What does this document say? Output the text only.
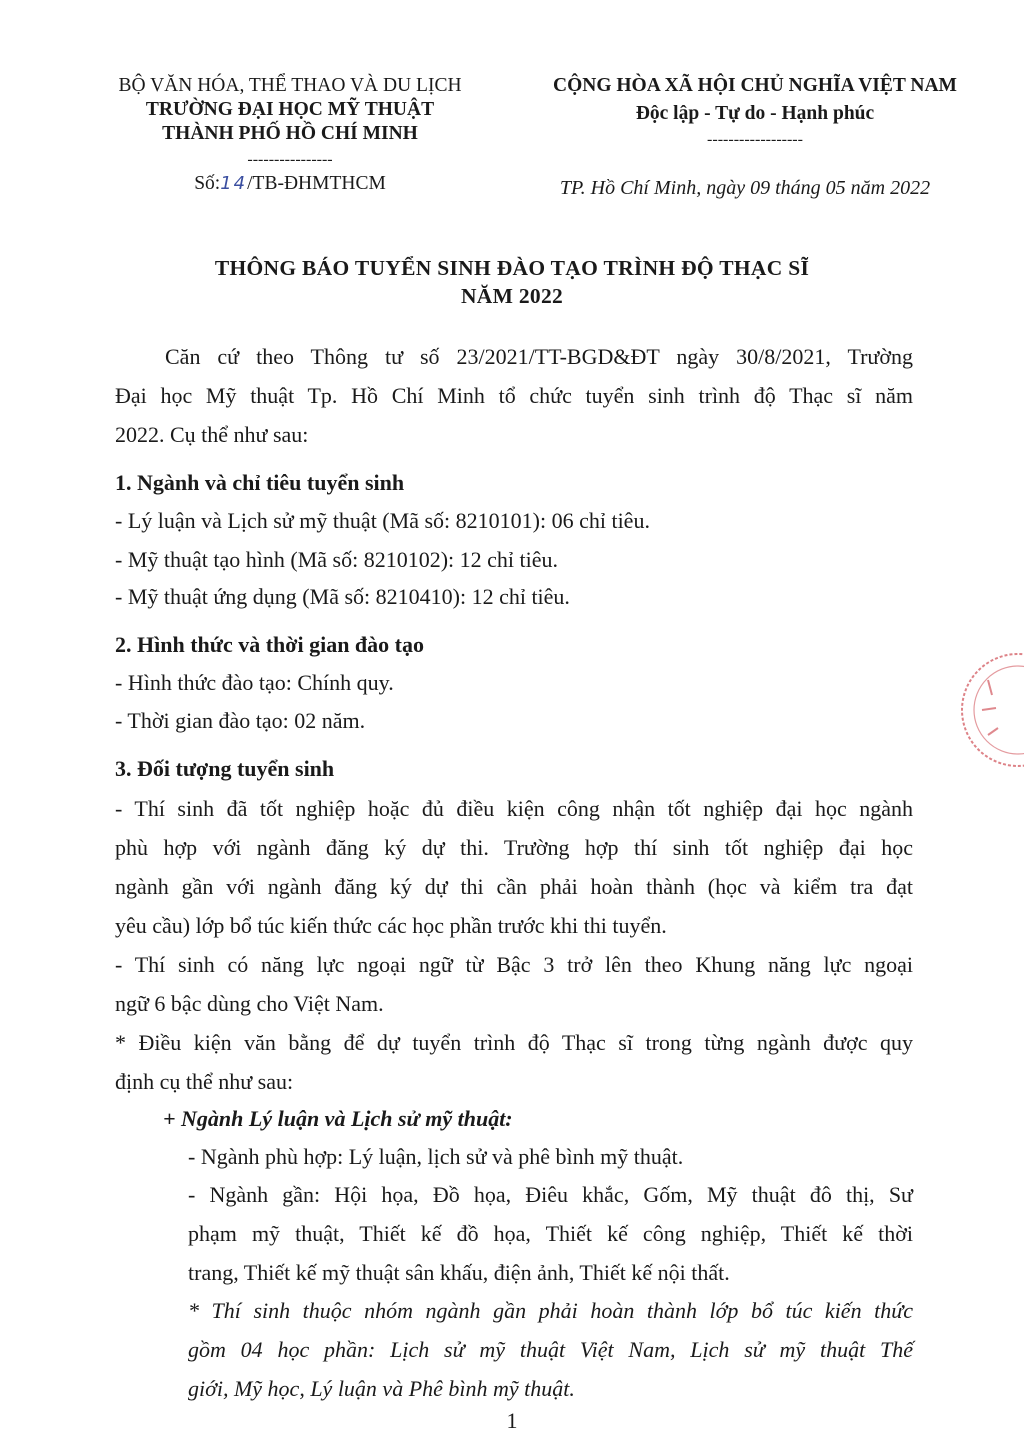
BỘ VĂN HÓA, THỂ THAO VÀ DU LỊCH
TRƯỜNG ĐẠI HỌC MỸ THUẬT
THÀNH PHỐ HỒ CHÍ MINH
----------------
Số:14/TB-ĐHMTHCM
CỘNG HÒA XÃ HỘI CHỦ NGHĨA VIỆT NAM
Độc lập - Tự do - Hạnh phúc
------------------
TP. Hồ Chí Minh, ngày 09 tháng 05 năm 2022
THÔNG BÁO TUYỂN SINH ĐÀO TẠO TRÌNH ĐỘ THẠC SĨ
NĂM 2022
Căn cứ theo Thông tư số 23/2021/TT-BGD&ĐT ngày 30/8/2021, Trường
Đại học Mỹ thuật Tp. Hồ Chí Minh tổ chức tuyển sinh trình độ Thạc sĩ năm
2022. Cụ thể như sau:
1. Ngành và chỉ tiêu tuyển sinh
- Lý luận và Lịch sử mỹ thuật (Mã số: 8210101): 06 chỉ tiêu.
- Mỹ thuật tạo hình (Mã số: 8210102): 12 chỉ tiêu.
- Mỹ thuật ứng dụng (Mã số: 8210410): 12 chỉ tiêu.
2. Hình thức và thời gian đào tạo
- Hình thức đào tạo: Chính quy.
- Thời gian đào tạo: 02 năm.
3. Đối tượng tuyển sinh
- Thí sinh đã tốt nghiệp hoặc đủ điều kiện công nhận tốt nghiệp đại học ngành
phù hợp với ngành đăng ký dự thi. Trường hợp thí sinh tốt nghiệp đại học
ngành gần với ngành đăng ký dự thi cần phải hoàn thành (học và kiểm tra đạt
yêu cầu) lớp bổ túc kiến thức các học phần trước khi thi tuyển.
- Thí sinh có năng lực ngoại ngữ từ Bậc 3 trở lên theo Khung năng lực ngoại
ngữ 6 bậc dùng cho Việt Nam.
* Điều kiện văn bằng để dự tuyển trình độ Thạc sĩ trong từng ngành được quy
định cụ thể như sau:
+ Ngành Lý luận và Lịch sử mỹ thuật:
- Ngành phù hợp: Lý luận, lịch sử và phê bình mỹ thuật.
- Ngành gần: Hội họa, Đồ họa, Điêu khắc, Gốm, Mỹ thuật đô thị, Sư
phạm mỹ thuật, Thiết kế đồ họa, Thiết kế công nghiệp, Thiết kế thời
trang, Thiết kế mỹ thuật sân khấu, điện ảnh, Thiết kế nội thất.
* Thí sinh thuộc nhóm ngành gần phải hoàn thành lớp bổ túc kiến thức
gồm 04 học phần: Lịch sử mỹ thuật Việt Nam, Lịch sử mỹ thuật Thế
giới, Mỹ học, Lý luận và Phê bình mỹ thuật.
1
